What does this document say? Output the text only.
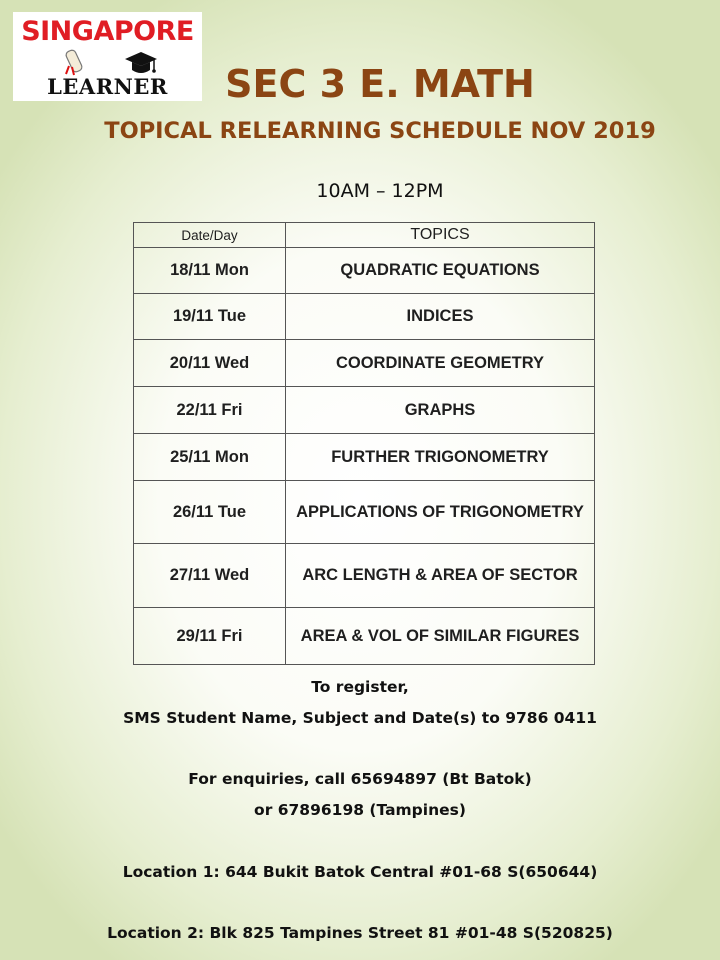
SINGAPORE
LEARNER	SEC 3 E. MATH
TOPICAL RELEARNING SCHEDULE NOV 2019
10AM – 12PM
Date/Day	TOPICS
18/11 Mon	QUADRATIC EQUATIONS
19/11 Tue	INDICES
20/11 Wed	COORDINATE GEOMETRY
22/11 Fri	GRAPHS
25/11 Mon	FURTHER TRIGONOMETRY
26/11 Tue	APPLICATIONS OF TRIGONOMETRY
27/11 Wed	ARC LENGTH & AREA OF SECTOR
29/11 Fri	AREA & VOL OF SIMILAR FIGURES
To register,
SMS Student Name, Subject and Date(s) to 9786 0411
For enquiries, call 65694897 (Bt Batok)
or 67896198 (Tampines)
Location 1: 644 Bukit Batok Central #01-68 S(650644)
Location 2: Blk 825 Tampines Street 81 #01-48 S(520825)
